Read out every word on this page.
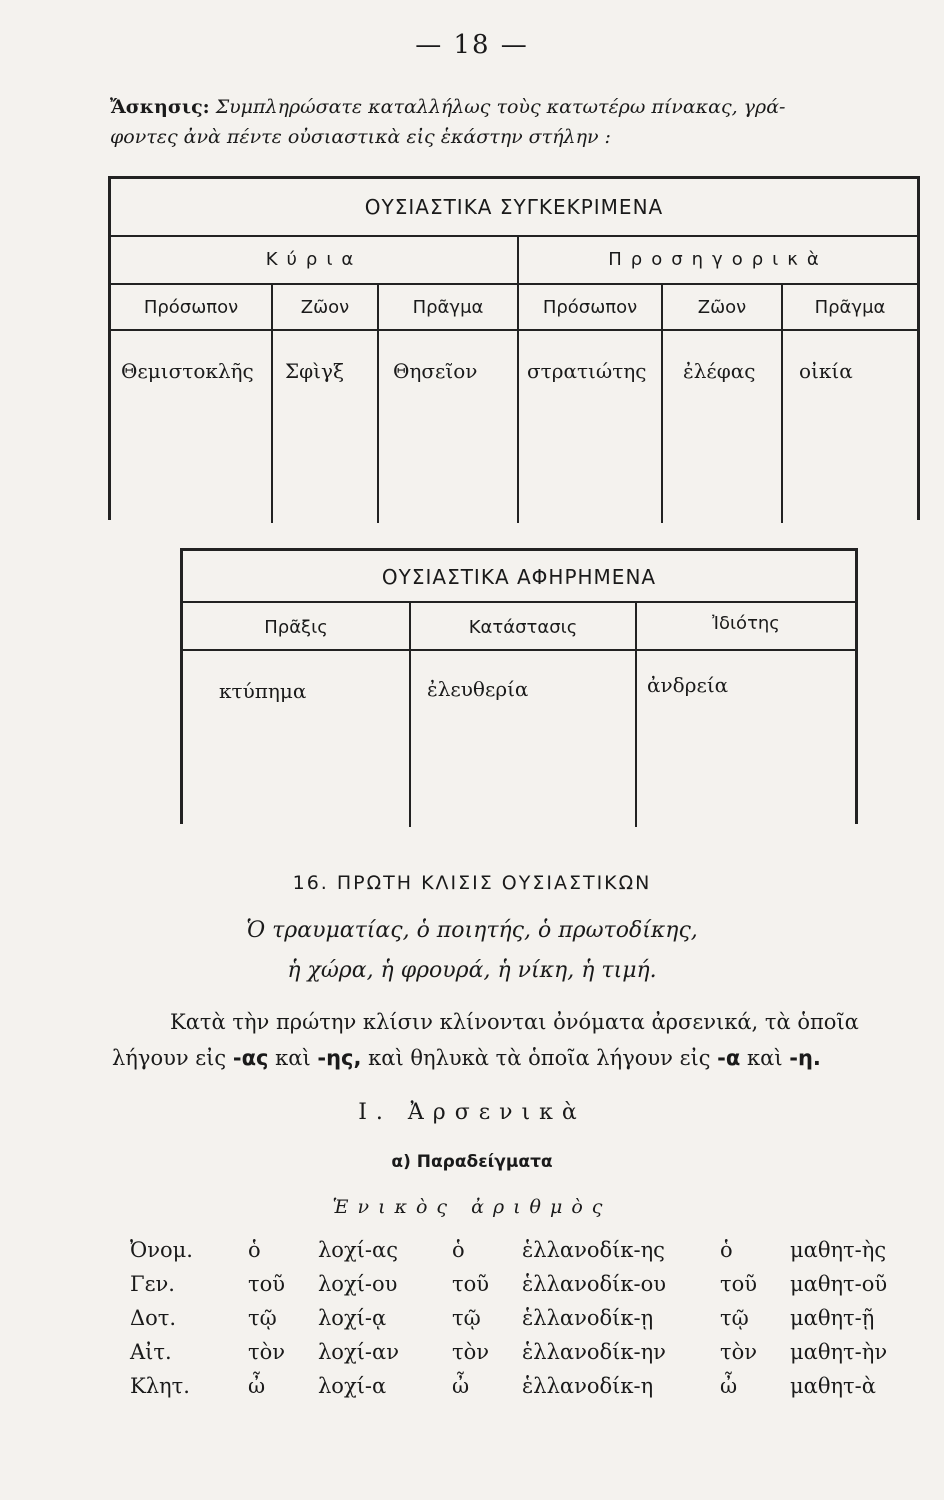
— 18 —
Ἄσκησις: Συμπληρώσατε καταλλήλως τοὺς κατωτέρω πίνακας, γρά-
φοντες ἀνὰ πέντε οὐσιαστικὰ εἰς ἑκάστην στήλην :
ΟΥΣΙΑΣΤΙΚΑ ΣΥΓΚΕΚΡΙΜΕΝΑ
Κύρια	Προσηγορικὰ
Πρόσωπον	Ζῶον	Πρᾶγμα	Πρόσωπον	Ζῶον	Πρᾶγμα
Θεμιστοκλῆς Σφὶγξ Θησεῖον στρατιώτης ἐλέφας οἰκία
ΟΥΣΙΑΣΤΙΚΑ ΑΦΗΡΗΜΕΝΑ
Πρᾶξις	Κατάστασις	Ἰδιότης
κτύπημα	ἐλευθερία	ἀνδρεία
16. ΠΡΩΤΗ ΚΛΙΣΙΣ ΟΥΣΙΑΣΤΙΚΩΝ
Ὁ τραυματίας, ὁ ποιητής, ὁ πρωτοδίκης,
ἡ χώρα, ἡ φρουρά, ἡ νίκη, ἡ τιμή.
Κατὰ τὴν πρώτην κλίσιν κλίνονται ὀνόματα ἀρσενικά, τὰ ὁποῖα
λήγουν εἰς -ας καὶ -ης, καὶ θηλυκὰ τὰ ὁποῖα λήγουν εἰς -α καὶ -η.
I. Ἀρσενικὰ
α) Παραδείγματα
Ἑνικὸς ἀριθμὸς
Ὀνομ.	ὁ	λοχί-ας	ὁ	ἑλλανοδίκ-ης	ὁ	μαθητ-ὴς
Γεν.	τοῦ λοχί-ου	τοῦ ἑλλανοδίκ-ου	τοῦ μαθητ-οῦ
Δοτ.	τῷ λοχί-ᾳ	τῷ ἑλλανοδίκ-ῃ	τῷ μαθητ-ῇ
Αἰτ.	τὸν λοχί-αν	τὸν ἑλλανοδίκ-ην	τὸν μαθητ-ὴν
Κλητ.	ὦ	λοχί-α	ὦ	ἑλλανοδίκ-η	ὦ	μαθητ-ὰ
